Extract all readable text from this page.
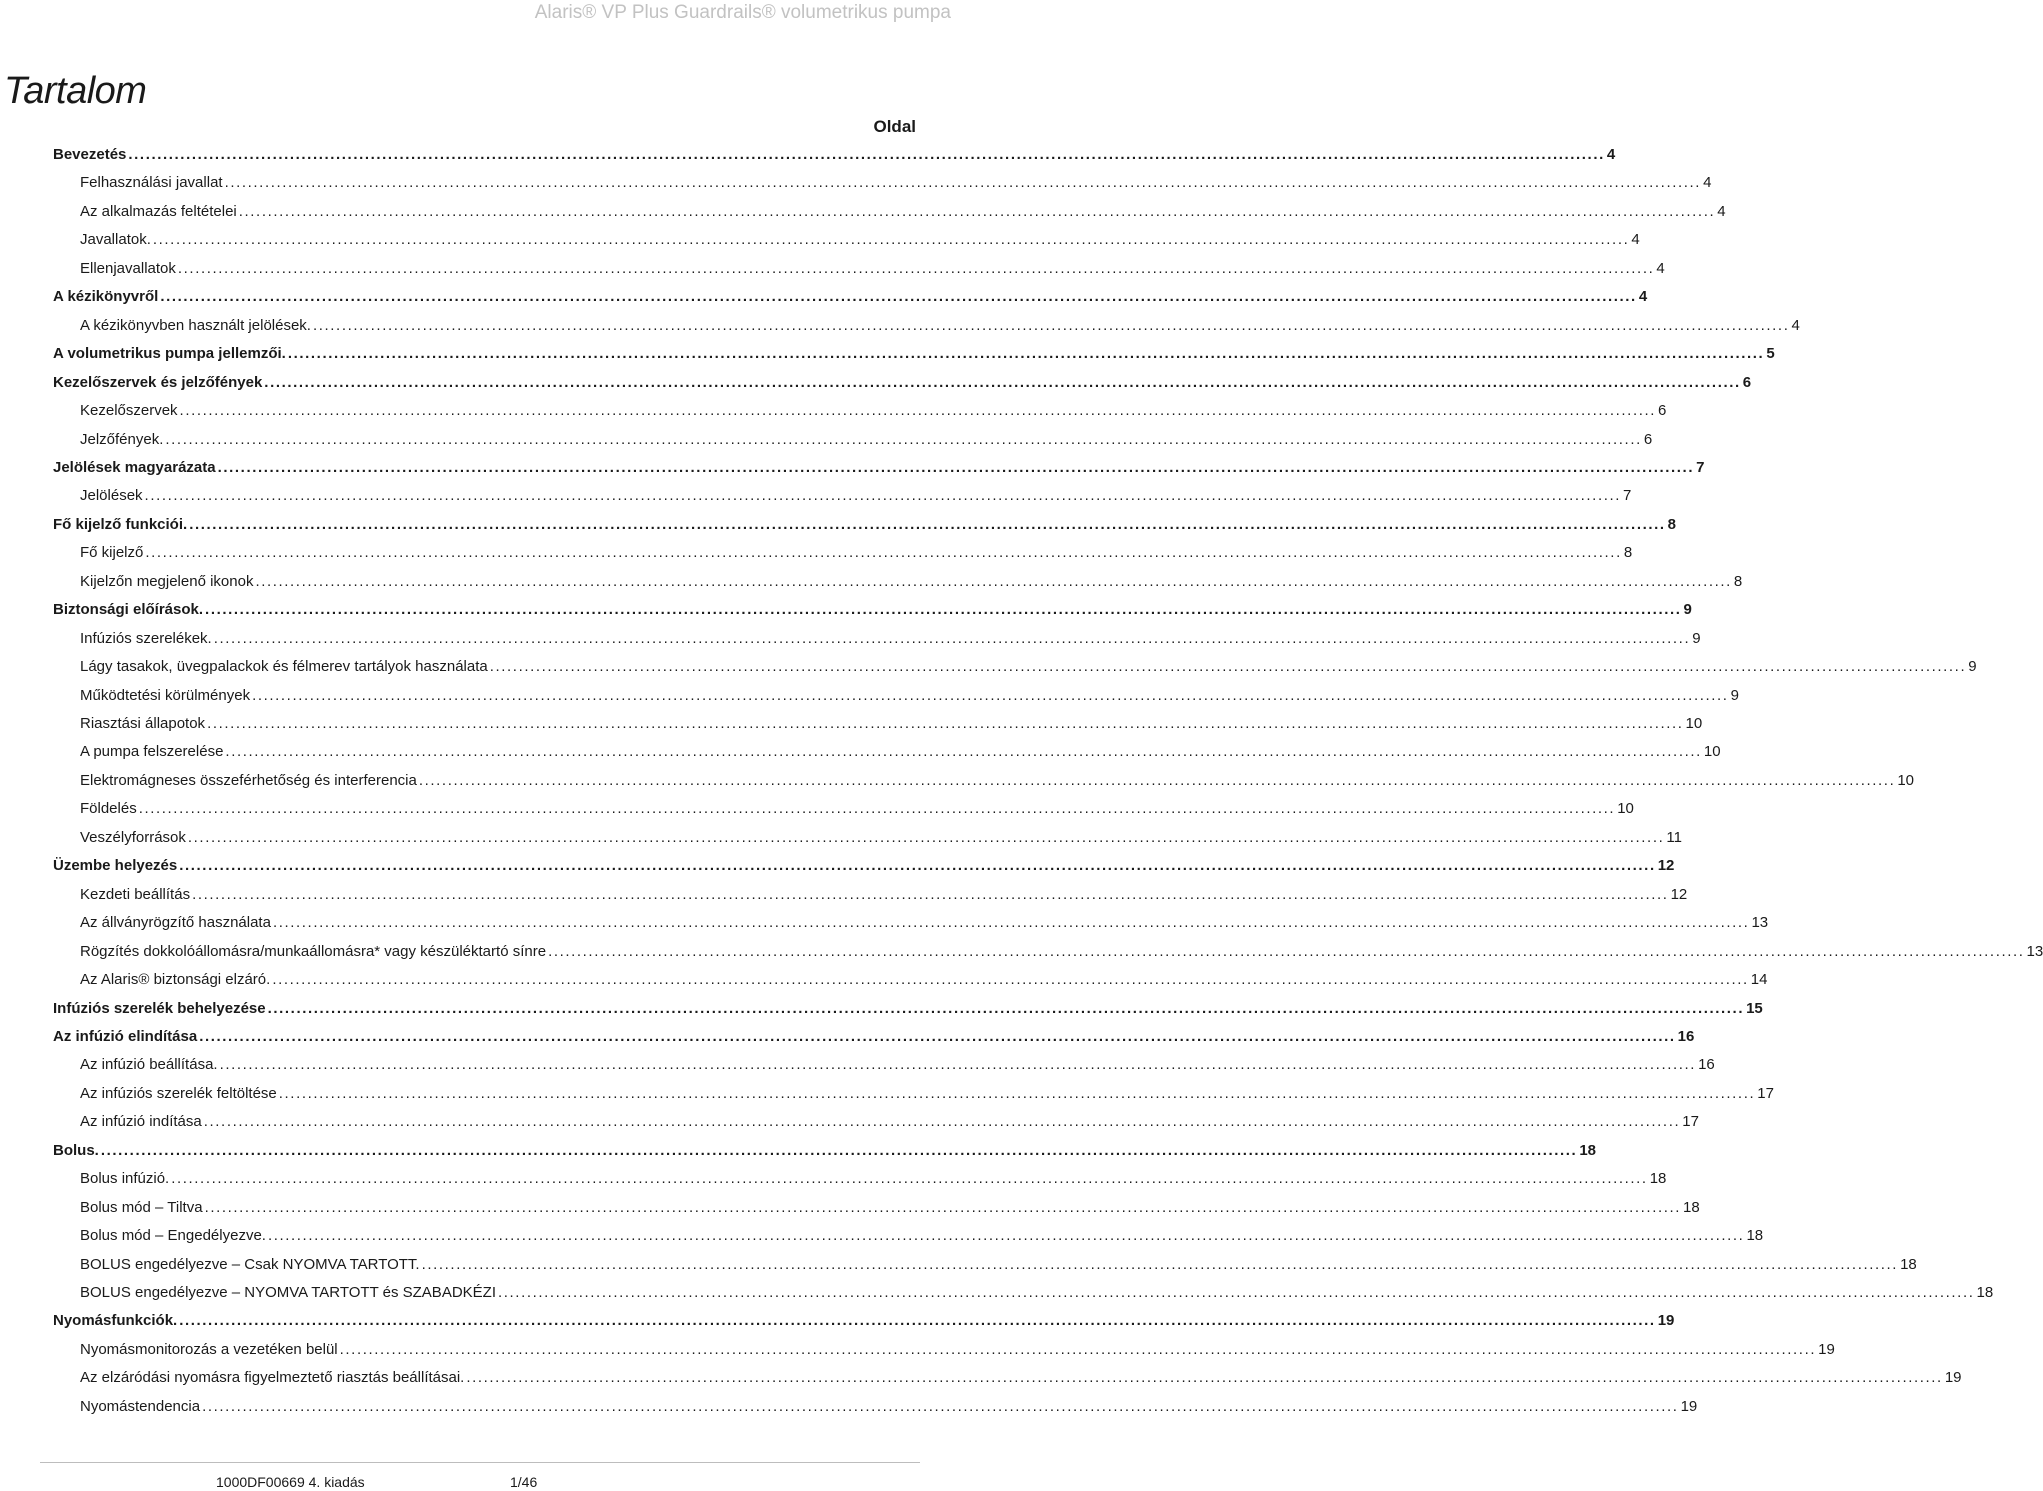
Alaris® VP Plus Guardrails® volumetrikus pumpa
Tartalom
Oldal
Bevezetés .....	4
Felhasználási javallat .....	4
Az alkalmazás feltételei .....	4
Javallatok. .....	4
Ellenjavallatok .....	4
A kézikönyvről .....	4
A kézikönyvben használt jelölések. .....	4
A volumetrikus pumpa jellemzői. .....	5
Kezelőszervek és jelzőfények .....	6
Kezelőszervek .....	6
Jelzőfények. .....	6
Jelölések magyarázata .....	7
Jelölések .....	7
Fő kijelző funkciói. .....	8
Fő kijelző .....	8
Kijelzőn megjelenő ikonok .....	8
Biztonsági előírások. .....	9
Infúziós szerelékek. .....	9
Lágy tasakok, üvegpalackok és félmerev tartályok használata .....	9
Működtetési körülmények .....	9
Riasztási állapotok .....	10
A pumpa felszerelése .....	10
Elektromágneses összeférhetőség és interferencia .....	10
Földelés .....	10
Veszélyforrások .....	11
Üzembe helyezés .....	12
Kezdeti beállítás .....	12
Az állványrögzítő használata .....	13
Rögzítés dokkolóállomásra/munkaállomásra* vagy készüléktartó sínre .....	13
Az Alaris® biztonsági elzáró. .....	14
Infúziós szerelék behelyezése .....	15
Az infúzió elindítása .....	16
Az infúzió beállítása. .....	16
Az infúziós szerelék feltöltése .....	17
Az infúzió indítása .....	17
Bolus. .....	18
Bolus infúzió. .....	18
Bolus mód – Tiltva .....	18
Bolus mód – Engedélyezve. .....	18
BOLUS engedélyezve – Csak NYOMVA TARTOTT. .....	18
BOLUS engedélyezve – NYOMVA TARTOTT és SZABADKÉZI .....	18
Nyomásfunkciók. .....	19
Nyomásmonitorozás a vezetéken belül .....	19
Az elzáródási nyomásra figyelmeztető riasztás beállításai. .....	19
Nyomástendencia .....	19
1000DF00669 4. kiadás	1/46
